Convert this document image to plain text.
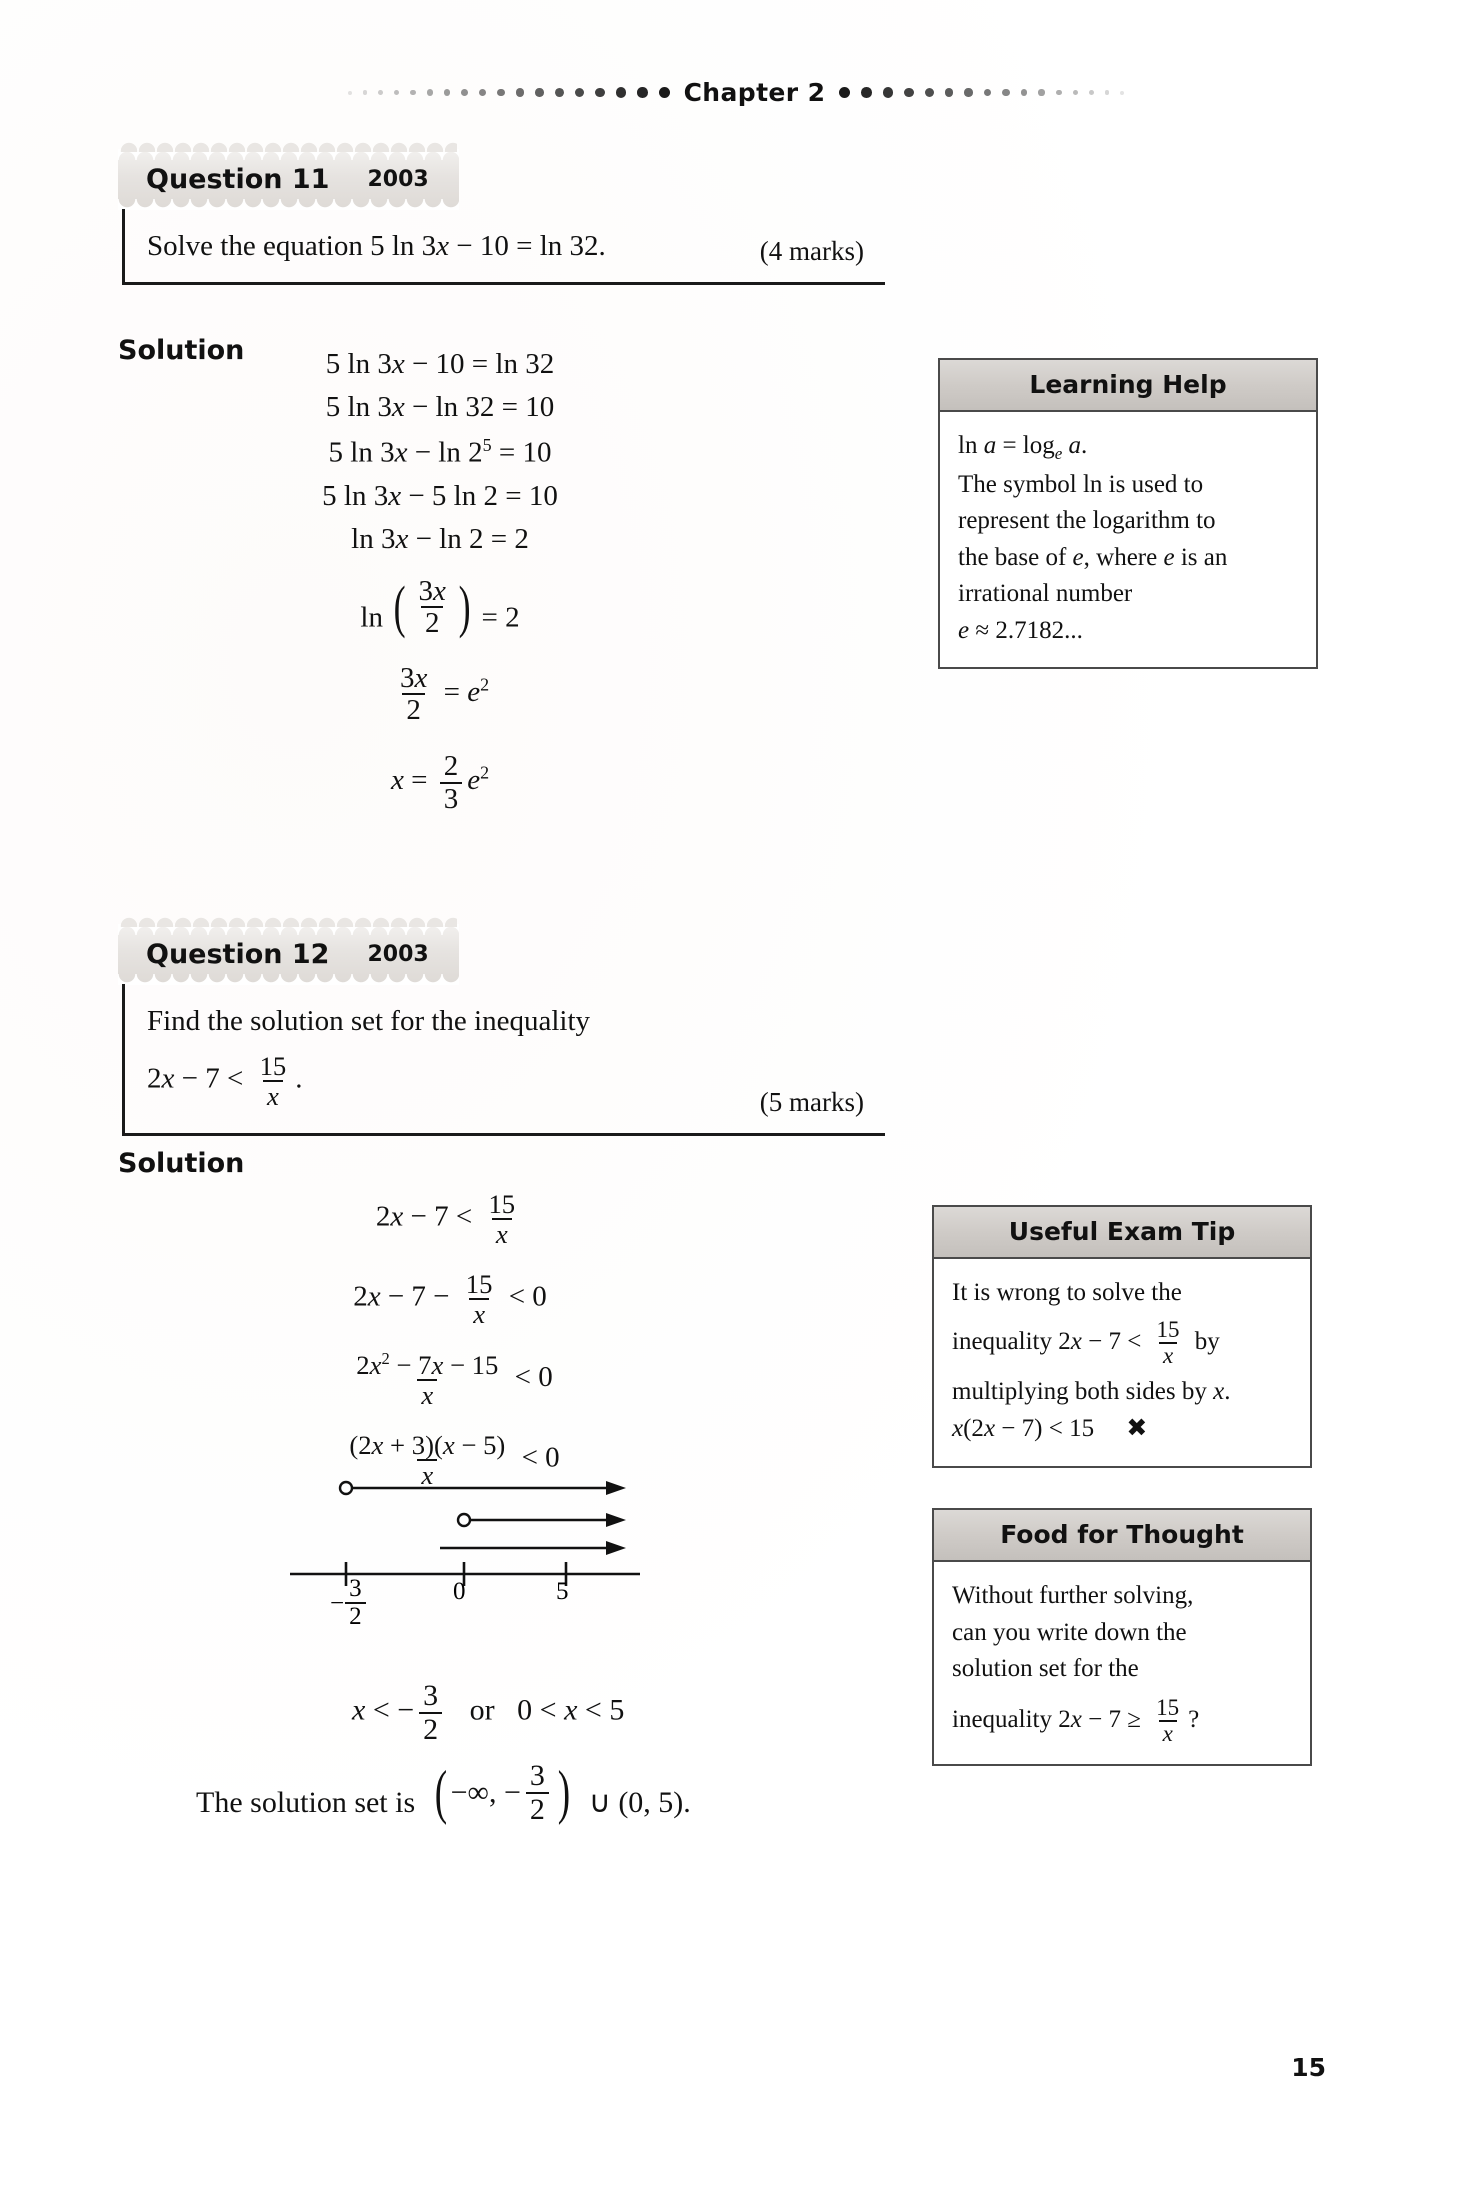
Chapter 2
Question 11 2003
Solve the equation 5 ln 3x − 10 = ln 32.	(4 marks)
Solution	5 ln 3x − 10 = ln 32
5 ln 3x − ln 32 = 10
5 $\ln 3x - \ln 2^5 = 10$
5 ln 3x − 5 ln 2 = 10
ln 3x − ln 2 = 2
ln ( $\frac{3x}{2}$ ) = 2
$\frac{3x}{2} = e^2$
$x = \frac{2}{3} e^2$
Learning Help

$\ln a = \log_e a$.

The symbol ln is used to

represent the logarithm to

the base of e, where e is an

irrational number

e ≈ 2.7182...

Question 12 2003
Find the solution set for the inequality
$2x - 7 < \frac{15}{x}$ .
(5 marks)
Solution
$2x - 7 < \frac{15}{x}$
$2x - 7 - \frac{15}{x} < 0$
$\frac{2x^2 - 7x - 15}{x} < 0$
$\frac{(2x + 3)(x - 5)}{x} < 0$
− $\frac{3}{2}$	0	5
x < − $\frac{3}{2}$ or   0 < x < 5
The solution set is ( −∞, − $\frac{3}{2}$ ) ∪ (0, 5).
Useful Exam Tip

It is wrong to solve the

inequality $2x - 7 < \frac{15}{x}$ by

multiplying both sides by x.

x(2x − 7) < 15 ✖

Food for Thought

Without further solving,

can you write down the

solution set for the

inequality $2x - 7 \ge \frac{15}{x}$ ?

15
